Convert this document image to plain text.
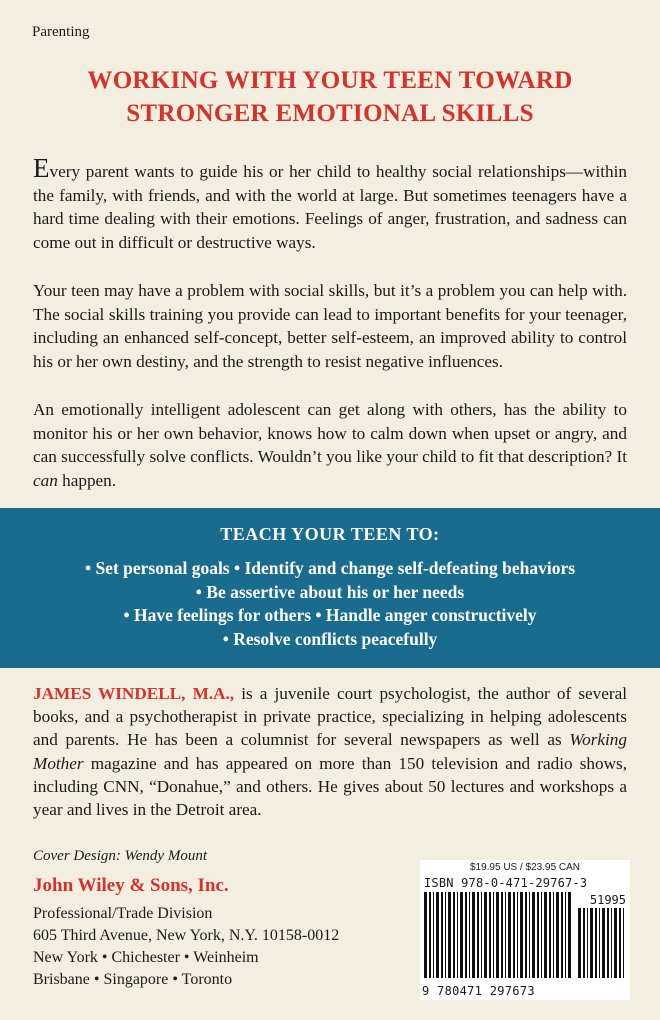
Parenting
WORKING WITH YOUR TEEN TOWARD
STRONGER EMOTIONAL SKILLS

Every parent wants to guide his or her child to healthy social relationships—within the family, with friends, and with the world at large. But sometimes teenagers have a hard time dealing with their emotions. Feelings of anger, frustration, and sadness can come out in difficult or destructive ways.

Your teen may have a problem with social skills, but it’s a problem you can help with. The social skills training you provide can lead to important benefits for your teenager, including an enhanced self-concept, better self-esteem, an improved ability to control his or her own destiny, and the strength to resist negative influences.

An emotionally intelligent adolescent can get along with others, has the ability to monitor his or her own behavior, knows how to calm down when upset or angry, and can successfully solve conflicts. Wouldn’t you like your child to fit that description? It can happen.

TEACH YOUR TEEN TO:
• Set personal goals • Identify and change self-defeating behaviors
• Be assertive about his or her needs
• Have feelings for others • Handle anger constructively
• Resolve conflicts peacefully
JAMES WINDELL, M.A., is a juvenile court psychologist, the author of several books, and a psychotherapist in private practice, specializing in helping adolescents and parents. He has been a columnist for several newspapers as well as Working Mother magazine and has appeared on more than 150 television and radio shows, including CNN, “Donahue,” and others. He gives about 50 lectures and workshops a year and lives in the Detroit area.
Cover Design: Wendy Mount
John Wiley & Sons, Inc.
Professional/Trade Division
605 Third Avenue, New York, N.Y. 10158-0012
New York • Chichester • Weinheim
Brisbane • Singapore • Toronto
$19.95 US / $23.95 CAN
ISBN 978-0-471-29767-3
51995
9 780471 297673
